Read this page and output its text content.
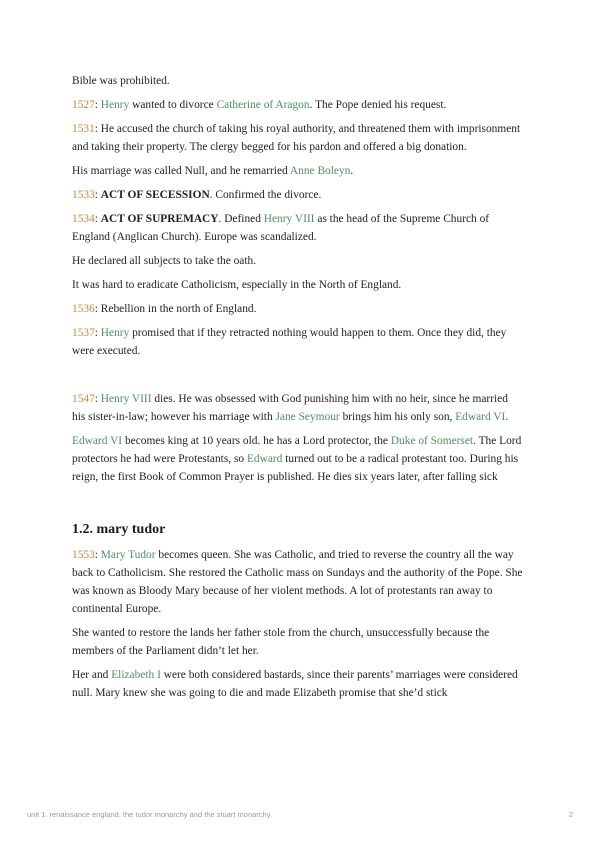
Bible was prohibited.

1527: Henry wanted to divorce Catherine of Aragon. The Pope denied his request.

1531: He accused the church of taking his royal authority, and threatened them with imprisonment and taking their property. The clergy begged for his pardon and offered a big donation.

His marriage was called Null, and he remarried Anne Boleyn.

1533: ACT OF SECESSION. Confirmed the divorce.

1534: ACT OF SUPREMACY. Defined Henry VIII as the head of the Supreme Church of England (Anglican Church). Europe was scandalized.

He declared all subjects to take the oath.

It was hard to eradicate Catholicism, especially in the North of England.

1536: Rebellion in the north of England.

1537: Henry promised that if they retracted nothing would happen to them. Once they did, they were executed.

1547: Henry VIII dies. He was obsessed with God punishing him with no heir, since he married his sister-in-law; however his marriage with Jane Seymour brings him his only son, Edward VI.

Edward VI becomes king at 10 years old. he has a Lord protector, the Duke of Somerset. The Lord protectors he had were Protestants, so Edward turned out to be a radical protestant too. During his reign, the first Book of Common Prayer is published. He dies six years later, after falling sick

1.2. mary tudor

1553: Mary Tudor becomes queen. She was Catholic, and tried to reverse the country all the way back to Catholicism. She restored the Catholic mass on Sundays and the authority of the Pope. She was known as Bloody Mary because of her violent methods. A lot of protestants ran away to continental Europe.

She wanted to restore the lands her father stole from the church, unsuccessfully because the members of the Parliament didn’t let her.

Her and Elizabeth I were both considered bastards, since their parents’ marriages were considered null. Mary knew she was going to die and made Elizabeth promise that she’d stick

unit 1. renaissance england. the tudor monarchy and the stuart monarchy	2
